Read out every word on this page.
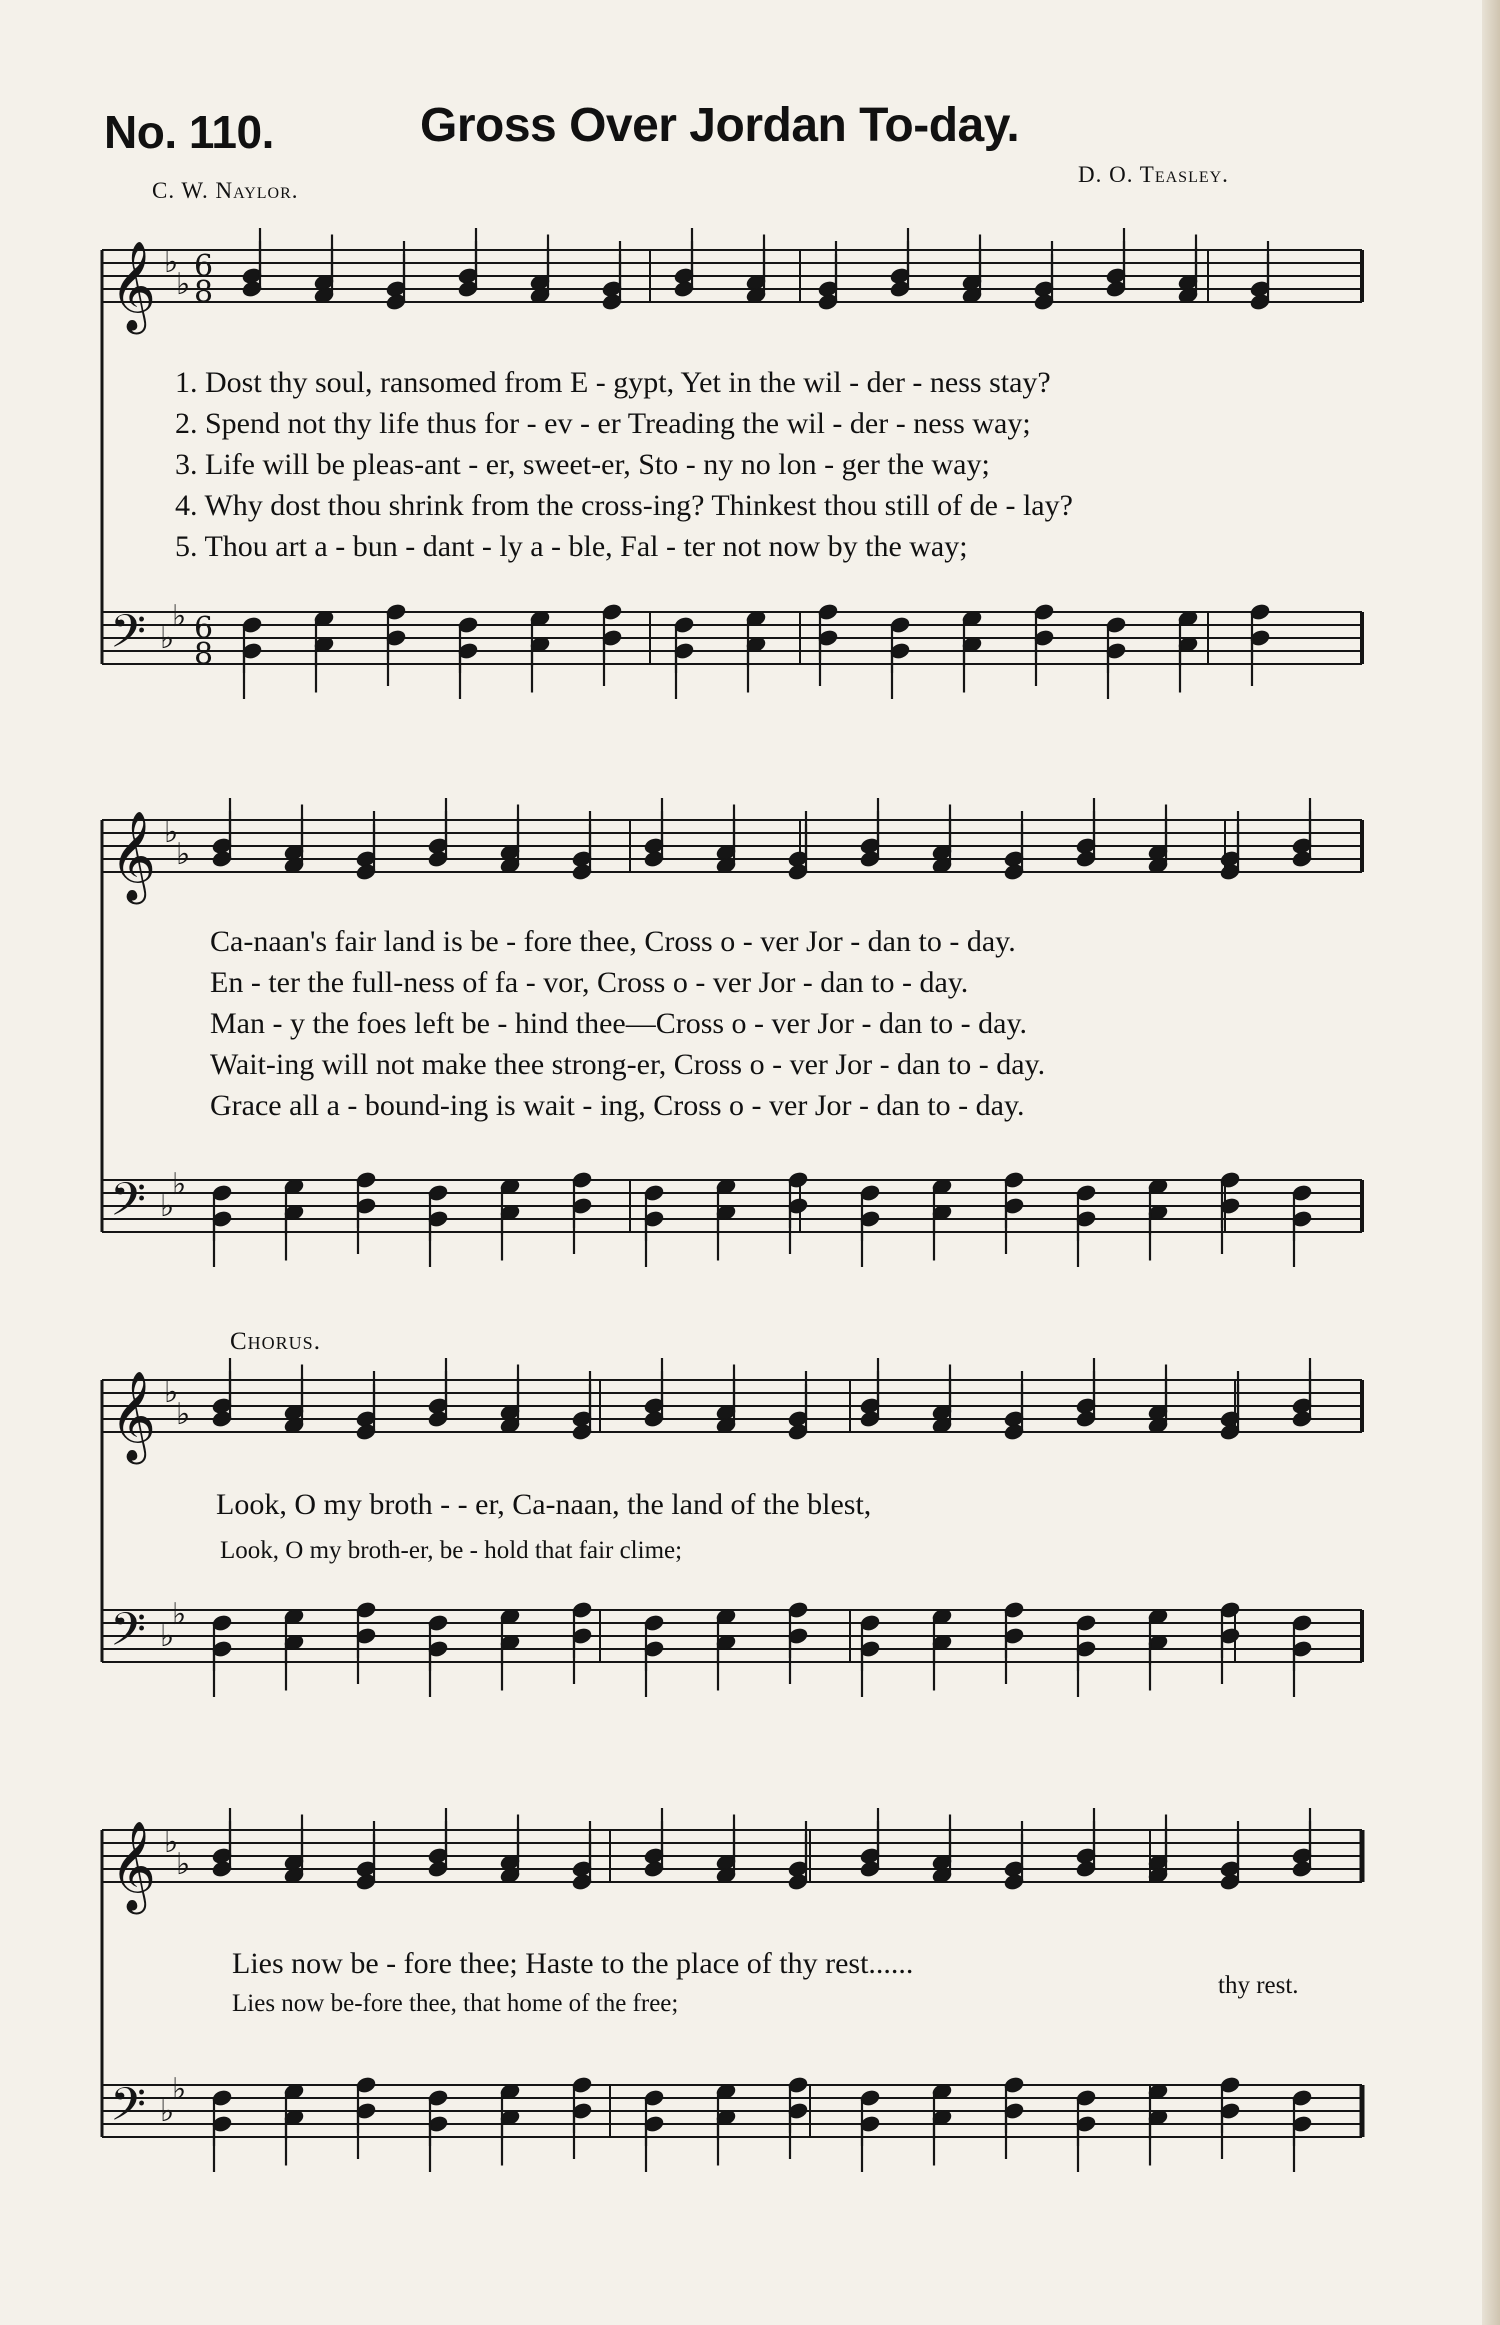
No. 110.	Gross Over Jordan To-day.
C. W. Naylor.
D. O. Teasley.
𝄞
𝄢
♭
♭
♭
♭
6
8
6
8
𝄞
𝄢
♭
♭
♭
♭
𝄞
𝄢
♭
♭
♭
♭
𝄞
𝄢
♭
♭
♭
♭
1. Dost thy soul, ransomed from E - gypt, Yet in the wil - der - ness stay?
2. Spend not thy life thus for - ev - er Treading the wil - der - ness way;
3. Life will be pleas-ant - er, sweet-er, Sto - ny no lon - ger the way;
4. Why dost thou shrink from the cross-ing? Thinkest thou still of de - lay?
5. Thou art a - bun - dant - ly a - ble, Fal - ter not now by the way;
Ca-naan's fair land is be - fore thee, Cross o - ver Jor - dan to - day.
En - ter the full-ness of fa - vor, Cross o - ver Jor - dan to - day.
Man - y the foes left be - hind thee—Cross o - ver Jor - dan to - day.
Wait-ing will not make thee strong-er, Cross o - ver Jor - dan to - day.
Grace all a - bound-ing is wait - ing, Cross o - ver Jor - dan to - day.
Chorus.
Look, O my broth - - er, Ca-naan, the land of the blest,
Look, O my broth-er, be - hold that fair clime;
Lies now be - fore thee; Haste to the place of thy rest......
Lies now be-fore thee, that home of the free;
thy rest.
